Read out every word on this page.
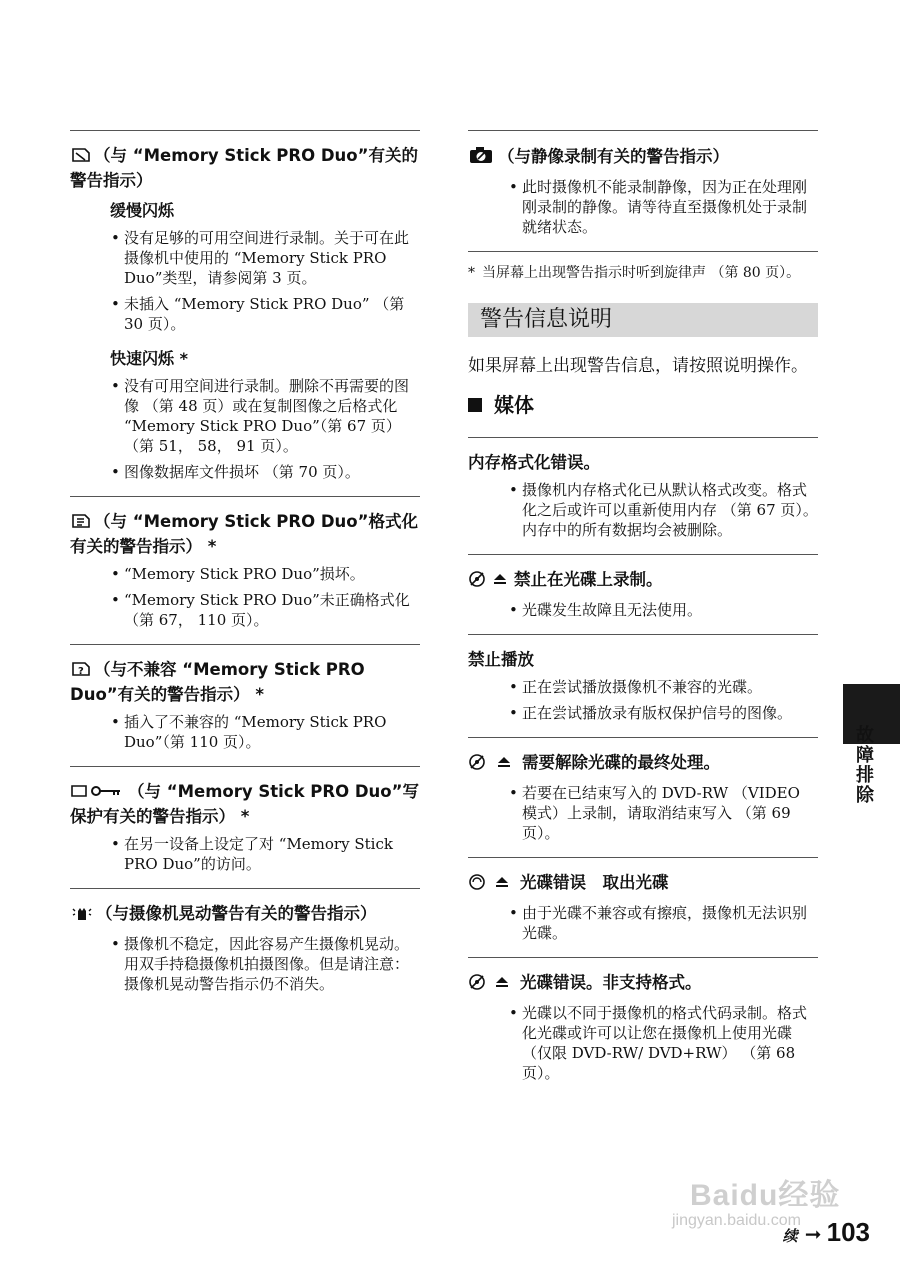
（与 “Memory Stick PRO Duo”有关的警告指示）
缓慢闪烁
• 没有足够的可用空间进行录制。关于可在此摄像机中使用的 “Memory Stick PRO Duo”类型，请参阅第 3 页。
• 未插入 “Memory Stick PRO Duo” （第 30 页）。
快速闪烁 *
• 没有可用空间进行录制。删除不再需要的图像 （第 48 页）或在复制图像之后格式化 “Memory Stick PRO Duo”（第 67 页）（第 51， 58， 91 页）。
• 图像数据库文件损坏 （第 70 页）。
（与 “Memory Stick PRO Duo”格式化有关的警告指示） *
• “Memory Stick PRO Duo”损坏。
• “Memory Stick PRO Duo”未正确格式化 （第 67， 110 页）。
? （与不兼容 “Memory Stick PRO Duo”有关的警告指示） *
• 插入了不兼容的 “Memory Stick PRO Duo”（第 110 页）。
（与 “Memory Stick PRO Duo”写保护有关的警告指示） *
• 在另一设备上设定了对 “Memory Stick PRO Duo”的访问。
（与摄像机晃动警告有关的警告指示）
• 摄像机不稳定，因此容易产生摄像机晃动。用双手持稳摄像机拍摄图像。但是请注意：摄像机晃动警告指示仍不消失。
（与静像录制有关的警告指示）
• 此时摄像机不能录制静像，因为正在处理刚刚录制的静像。请等待直至摄像机处于录制就绪状态。
* 当屏幕上出现警告指示时听到旋律声 （第 80 页）。
警告信息说明
如果屏幕上出现警告信息，请按照说明操作。
媒体
内存格式化错误。
• 摄像机内存格式化已从默认格式改变。格式化之后或许可以重新使用内存 （第 67 页）。内存中的所有数据均会被删除。
禁止在光碟上录制。
• 光碟发生故障且无法使用。
禁止播放
• 正在尝试播放摄像机不兼容的光碟。
• 正在尝试播放录有版权保护信号的图像。
需要解除光碟的最终处理。
• 若要在已结束写入的 DVD-RW （VIDEO 模式）上录制，请取消结束写入 （第 69 页）。
光碟错误　取出光碟
• 由于光碟不兼容或有擦痕，摄像机无法识别光碟。
光碟错误。非支持格式。
• 光碟以不同于摄像机的格式代码录制。格式化光碟或许可以让您在摄像机上使用光碟 （仅限 DVD-RW/ DVD+RW） （第 68 页）。
故障排除
Baidu经验
jingyan.baidu.com
续 ➞ 103
